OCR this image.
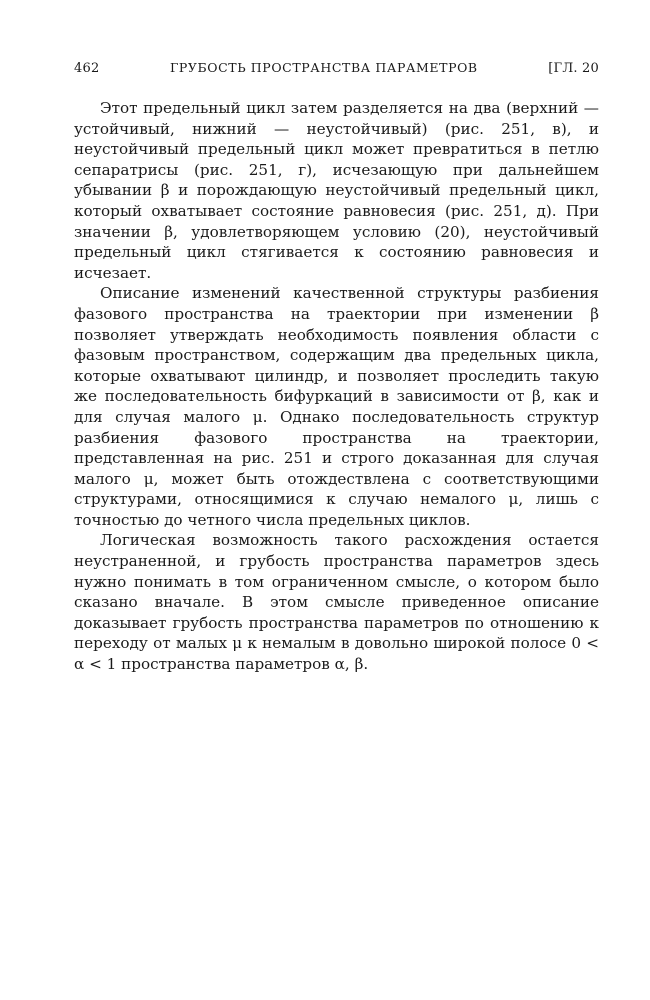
462	ГРУБОСТЬ ПРОСТРАНСТВА ПАРАМЕТРОВ	[ГЛ. 20

Этот предельный цикл затем разделяется на два (верхний — устойчивый, нижний — неустойчивый) (рис. 251, в), и неустойчивый предельный цикл может превратиться в петлю сепаратрисы (рис. 251, г), исчезающую при дальнейшем убывании β и порождающую неустойчивый предельный цикл, который охватывает состояние равновесия (рис. 251, д). При значении β, удовлетворяющем условию (20), неустойчивый предельный цикл стягивается к состоянию равновесия и исчезает.

Описание изменений качественной структуры разбиения фазового пространства на траектории при изменении β позволяет утверждать необходимость появления области с фазовым пространством, содержащим два предельных цикла, которые охватывают цилиндр, и позволяет проследить такую же последовательность бифуркаций в зависимости от β, как и для случая малого μ. Однако последовательность структур разбиения фазового пространства на траектории, представленная на рис. 251 и строго доказанная для случая малого μ, может быть отождествлена с соответствующими структурами, относящимися к случаю немалого μ, лишь с точностью до четного числа предельных циклов.

Логическая возможность такого расхождения остается неустраненной, и грубость пространства параметров здесь нужно понимать в том ограниченном смысле, о котором было сказано вначале. В этом смысле приведенное описание доказывает грубость пространства параметров по отношению к переходу от малых μ к немалым в довольно широкой полосе 0 < α < 1 пространства параметров α, β.
